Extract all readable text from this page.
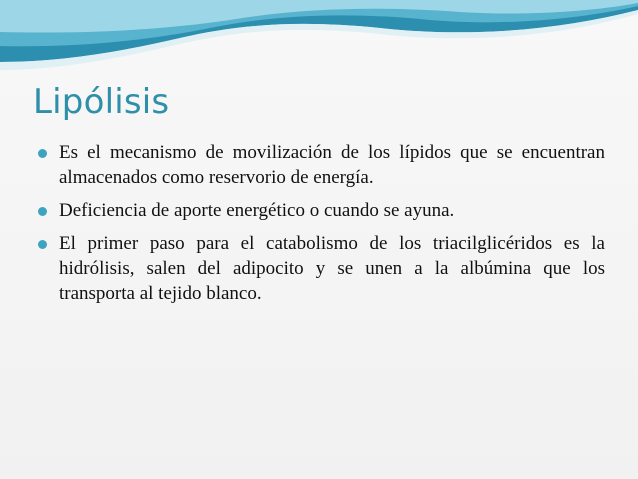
Lipólisis
Es el mecanismo de movilización de los lípidos que se encuentran almacenados como reservorio de energía.
Deficiencia de aporte energético o cuando se ayuna.
El primer paso para el catabolismo de los triacilglicéridos es la hidrólisis, salen del adipocito y se unen a la albúmina que los transporta al tejido blanco.
